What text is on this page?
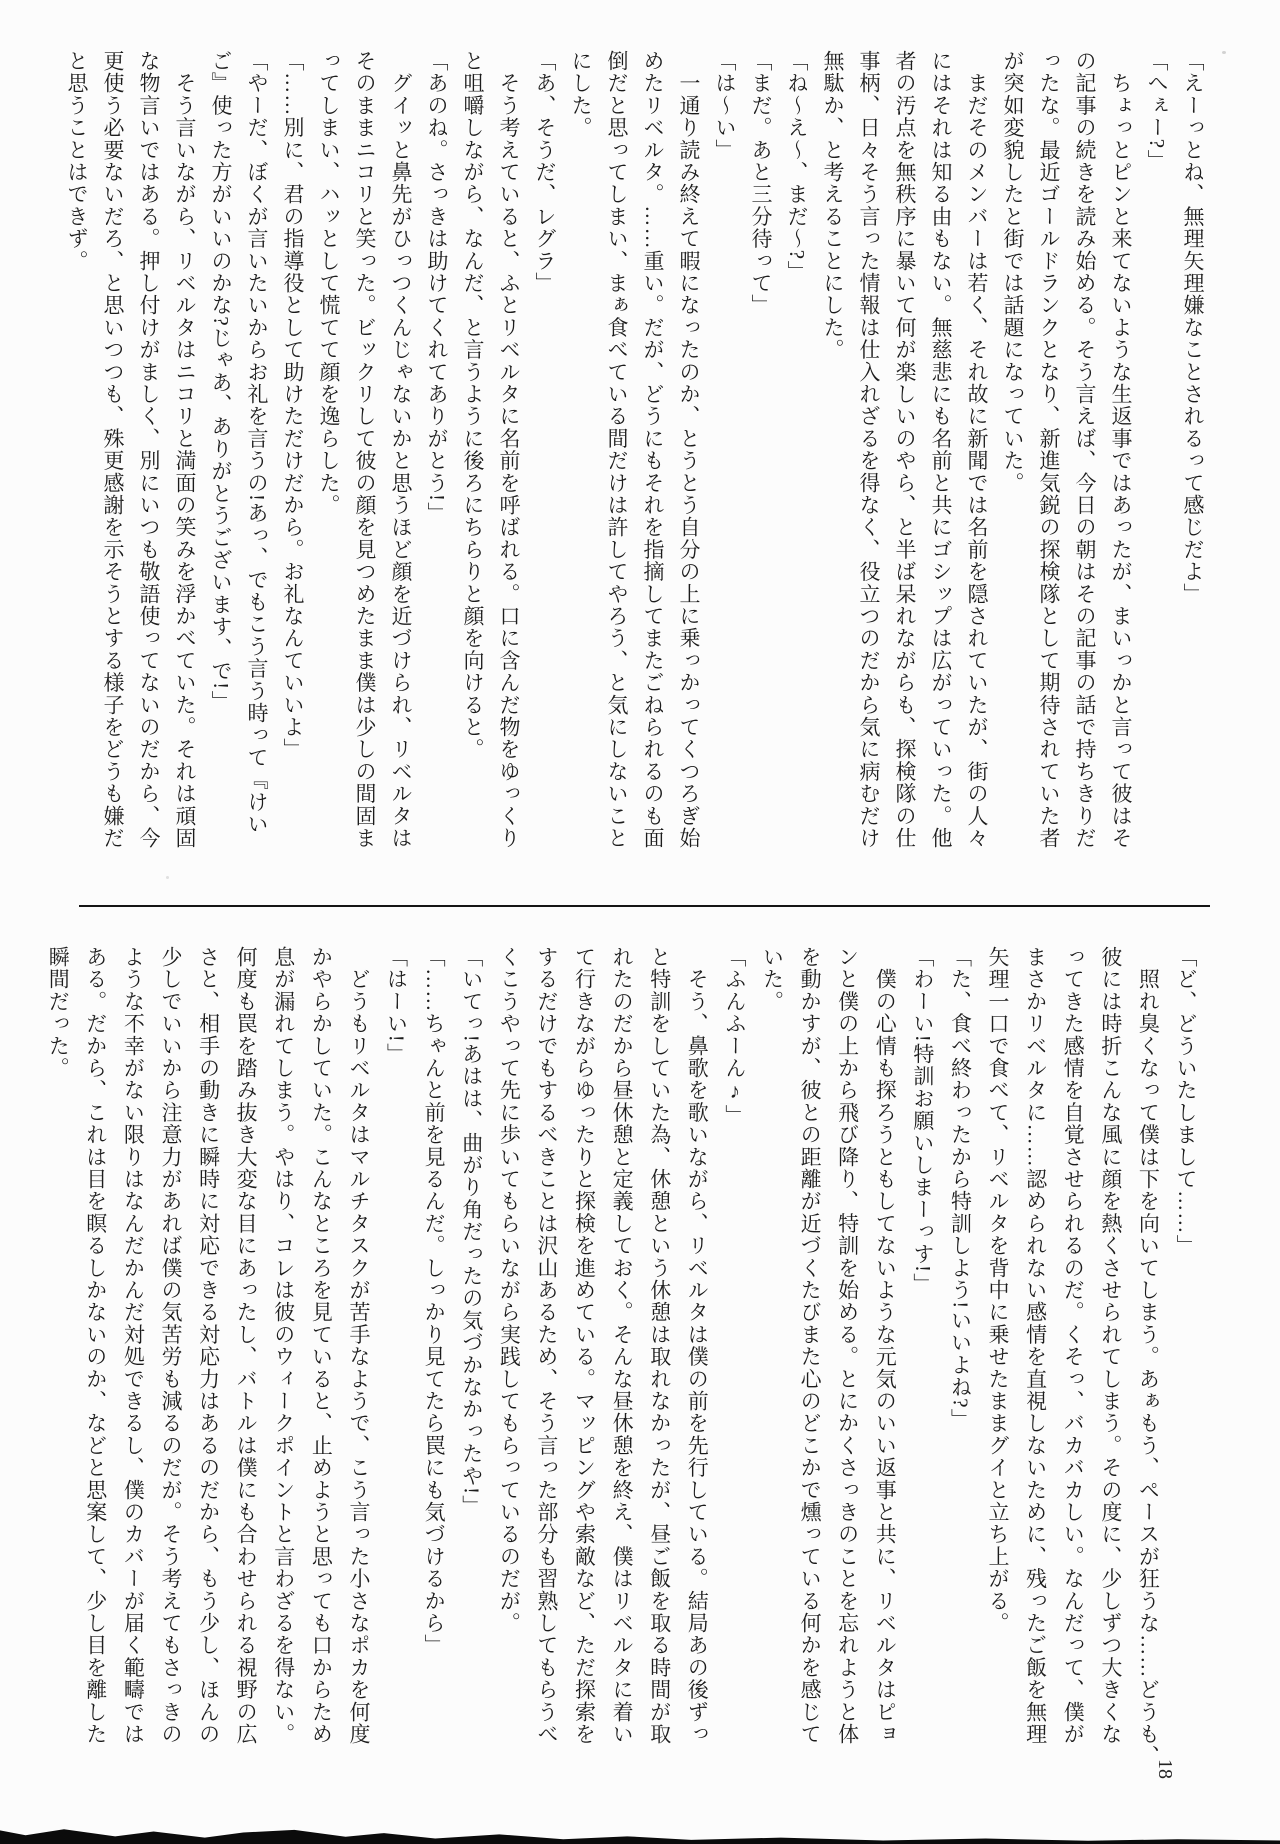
「えーっとね、無理矢理嫌なことされるって感じだよ」
「へぇー?」
　ちょっとピンと来てないような生返事ではあったが、まいっかと言って彼はそ
の記事の続きを読み始める。そう言えば、今日の朝はその記事の話で持ちきりだ
ったな。最近ゴールドランクとなり、新進気鋭の探検隊として期待されていた者
が突如変貌したと街では話題になっていた。
　まだそのメンバーは若く、それ故に新聞では名前を隠されていたが、街の人々
にはそれは知る由もない。無慈悲にも名前と共にゴシップは広がっていった。他
者の汚点を無秩序に暴いて何が楽しいのやら、と半ば呆れながらも、探検隊の仕
事柄、日々そう言った情報は仕入れざるを得なく、役立つのだから気に病むだけ
無駄か、と考えることにした。
「ね〜え〜、まだ〜?」
「まだ。あと三分待って」
「は〜い」
　一通り読み終えて暇になったのか、とうとう自分の上に乗っかってくつろぎ始
めたリベルタ。……重い。だが、どうにもそれを指摘してまたごねられるのも面
倒だと思ってしまい、まぁ食べている間だけは許してやろう、と気にしないこと
にした。
「あ、そうだ、レグラ」
　そう考えていると、ふとリベルタに名前を呼ばれる。口に含んだ物をゆっくり
と咀嚼しながら、なんだ、と言うように後ろにちらりと顔を向けると。
「あのね。さっきは助けてくれてありがとう!」
　グイッと鼻先がひっつくんじゃないかと思うほど顔を近づけられ、リベルタは
そのままニコリと笑った。ビックリして彼の顔を見つめたまま僕は少しの間固ま
ってしまい、ハッとして慌てて顔を逸らした。
「……別に、君の指導役として助けただけだから。お礼なんていいよ」
「やーだ、ぼくが言いたいからお礼を言うの!あっ、でもこう言う時って『けい
ご』使った方がいいのかな?じゃあ、ありがとうございます、で!」
　そう言いながら、リベルタはニコリと満面の笑みを浮かべていた。それは頑固
な物言いではある。押し付けがましく、別にいつも敬語使ってないのだから、今
更使う必要ないだろ、と思いつつも、殊更感謝を示そうとする様子をどうも嫌だ
と思うことはできず。
「ど、どういたしまして……」
　照れ臭くなって僕は下を向いてしまう。あぁもう、ペースが狂うな……どうも、
彼には時折こんな風に顔を熱くさせられてしまう。その度に、少しずつ大きくな
ってきた感情を自覚させられるのだ。くそっ、バカバカしい。なんだって、僕が
まさかリベルタに……認められない感情を直視しないために、残ったご飯を無理
矢理一口で食べて、リベルタを背中に乗せたままグイと立ち上がる。
「た、食べ終わったから特訓しよう!いいよね?」
「わーい!特訓お願いしまーっす!」
　僕の心情も探ろうともしてないような元気のいい返事と共に、リベルタはピョ
ンと僕の上から飛び降り、特訓を始める。とにかくさっきのことを忘れようと体
を動かすが、彼との距離が近づくたびまた心のどこかで燻っている何かを感じて
いた。
「ふんふーん♪」
　そう、鼻歌を歌いながら、リベルタは僕の前を先行している。結局あの後ずっ
と特訓をしていた為、休憩という休憩は取れなかったが、昼ご飯を取る時間が取
れたのだから昼休憩と定義しておく。そんな昼休憩を終え、僕はリベルタに着い
て行きながらゆったりと探検を進めている。マッピングや索敵など、ただ探索を
するだけでもするべきことは沢山あるため、そう言った部分も習熟してもらうべ
くこうやって先に歩いてもらいながら実践してもらっているのだが。
「いてっ!あはは、曲がり角だったの気づかなかったや!」
「……ちゃんと前を見るんだ。しっかり見てたら罠にも気づけるから」
「はーい!」
　どうもリベルタはマルチタスクが苦手なようで、こう言った小さなポカを何度
かやらかしていた。こんなところを見ていると、止めようと思っても口からため
息が漏れてしまう。やはり、コレは彼のウィークポイントと言わざるを得ない。
何度も罠を踏み抜き大変な目にあったし、バトルは僕にも合わせられる視野の広
さと、相手の動きに瞬時に対応できる対応力はあるのだから、もう少し、ほんの
少しでいいから注意力があれば僕の気苦労も減るのだが。そう考えてもさっきの
ような不幸がない限りはなんだかんだ対処できるし、僕のカバーが届く範疇では
ある。だから、これは目を瞑るしかないのか、などと思案して、少し目を離した
瞬間だった。
18
